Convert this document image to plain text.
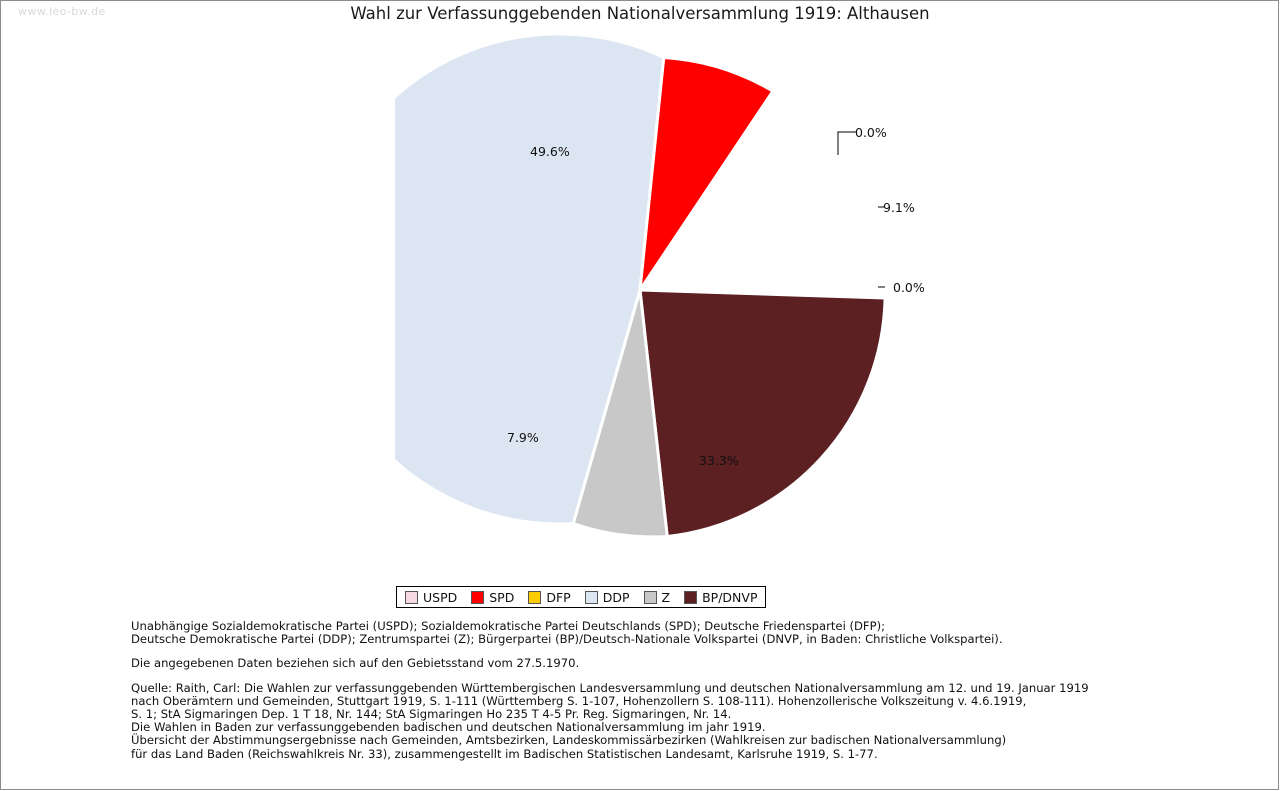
www.leo-bw.de	Wahl zur Verfassunggebenden Nationalversammlung 1919: Althausen
49.6%
7.9%
33.3%
0.0%
9.1%
0.0%
USPD	SPD	DFP	DDP	Z	BP/DNVP
Unabhängige Sozialdemokratische Partei (USPD); Sozialdemokratische Partei Deutschlands (SPD); Deutsche Friedenspartei (DFP);
Deutsche Demokratische Partei (DDP); Zentrumspartei (Z); Bürgerpartei (BP)/Deutsch-Nationale Volkspartei (DNVP, in Baden: Christliche Volkspartei).
Die angegebenen Daten beziehen sich auf den Gebietsstand vom 27.5.1970.
Quelle: Raith, Carl: Die Wahlen zur verfassunggebenden Württembergischen Landesversammlung und deutschen Nationalversammlung am 12. und 19. Januar 1919
nach Oberämtern und Gemeinden, Stuttgart 1919, S. 1-111 (Württemberg S. 1-107, Hohenzollern S. 108-111). Hohenzollerische Volkszeitung v. 4.6.1919,
S. 1; StA Sigmaringen Dep. 1 T 18, Nr. 144; StA Sigmaringen Ho 235 T 4-5 Pr. Reg. Sigmaringen, Nr. 14.
Die Wahlen in Baden zur verfassunggebenden badischen und deutschen Nationalversammlung im jahr 1919.
Übersicht der Abstimmungsergebnisse nach Gemeinden, Amtsbezirken, Landeskommissärbezirken (Wahlkreisen zur badischen Nationalversammlung)
für das Land Baden (Reichswahlkreis Nr. 33), zusammengestellt im Badischen Statistischen Landesamt, Karlsruhe 1919, S. 1-77.
